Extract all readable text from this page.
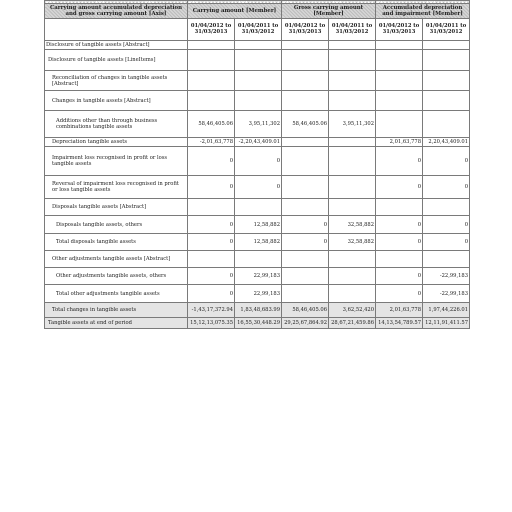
Carrying amount accumulated depreciation and gross carrying amount [Axis]	Carrying amount [Member]		Gross carrying amount [Member]		Accumulated depreciation and impairment [Member]	
	01/04/2012 to 31/03/2013	01/04/2011 to 31/03/2012	01/04/2012 to 31/03/2013	01/04/2011 to 31/03/2012	01/04/2012 to 31/03/2013	01/04/2011 to 31/03/2012
Disclosure of tangible assets [Abstract]						
Disclosure of tangible assets [LineItems]						
Reconciliation of changes in tangible assets [Abstract]						
Changes in tangible assets [Abstract]						
Additions other than through business combinations tangible assets	58,46,405.06	3,95,11,302	58,46,405.06	3,95,11,302		
Depreciation tangible assets	-2,01,63,778	-2,20,43,409.01			2,01,63,778	2,20,43,409.01
Impairment loss recognised in profit or loss tangible assets	0	0			0	0
Reversal of impairment loss recognised in profit or loss tangible assets	0	0			0	0
Disposals tangible assets [Abstract]						
Disposals tangible assets, others	0	12,58,882	0	32,58,882	0	0
Total disposals tangible assets	0	12,58,882	0	32,58,882	0	0
Other adjustments tangible assets [Abstract]						
Other adjustments tangible assets, others	0	22,99,183			0	-22,99,183
Total other adjustments tangible assets	0	22,99,183			0	-22,99,183
Total changes in tangible assets	-1,43,17,372.94	1,83,48,683.99	58,46,405.06	3,62,52,420	2,01,63,778	1,97,44,226.01
Tangible assets at end of period	15,12,13,075.35	16,55,30,448.29	29,25,67,864.92	28,67,21,459.86	14,13,54,789.57	12,11,91,411.57
